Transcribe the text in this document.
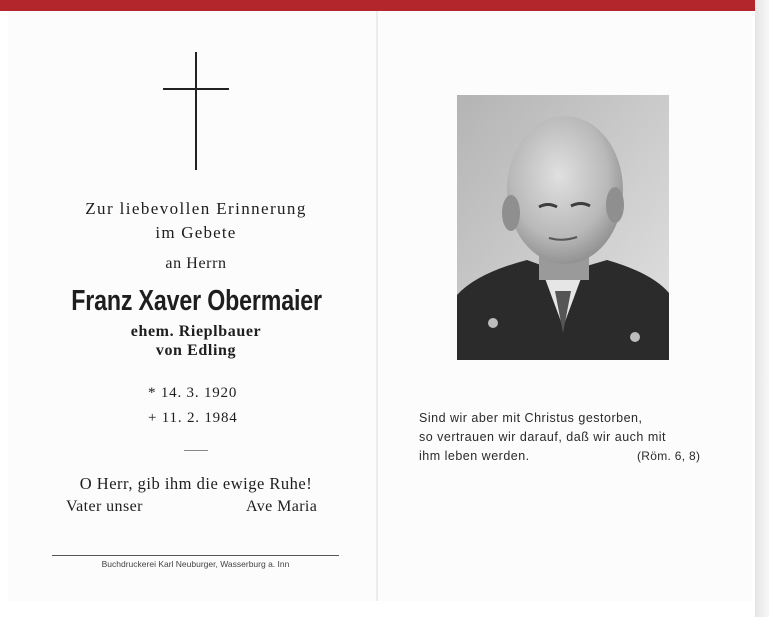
Zur liebevollen Erinnerung
im Gebete
an Herrn
Franz Xaver Obermaier
ehem. Rieplbauer
von Edling
* 14. 3. 1920
+ 11. 2. 1984
O Herr, gib ihm die ewige Ruhe!
Vater unser	Ave Maria
Buchdruckerei Karl Neuburger, Wasserburg a. Inn
Sind wir aber mit Christus gestorben,
so vertrauen wir darauf, daß wir auch mit
ihm leben werden.	(Röm. 6, 8)
